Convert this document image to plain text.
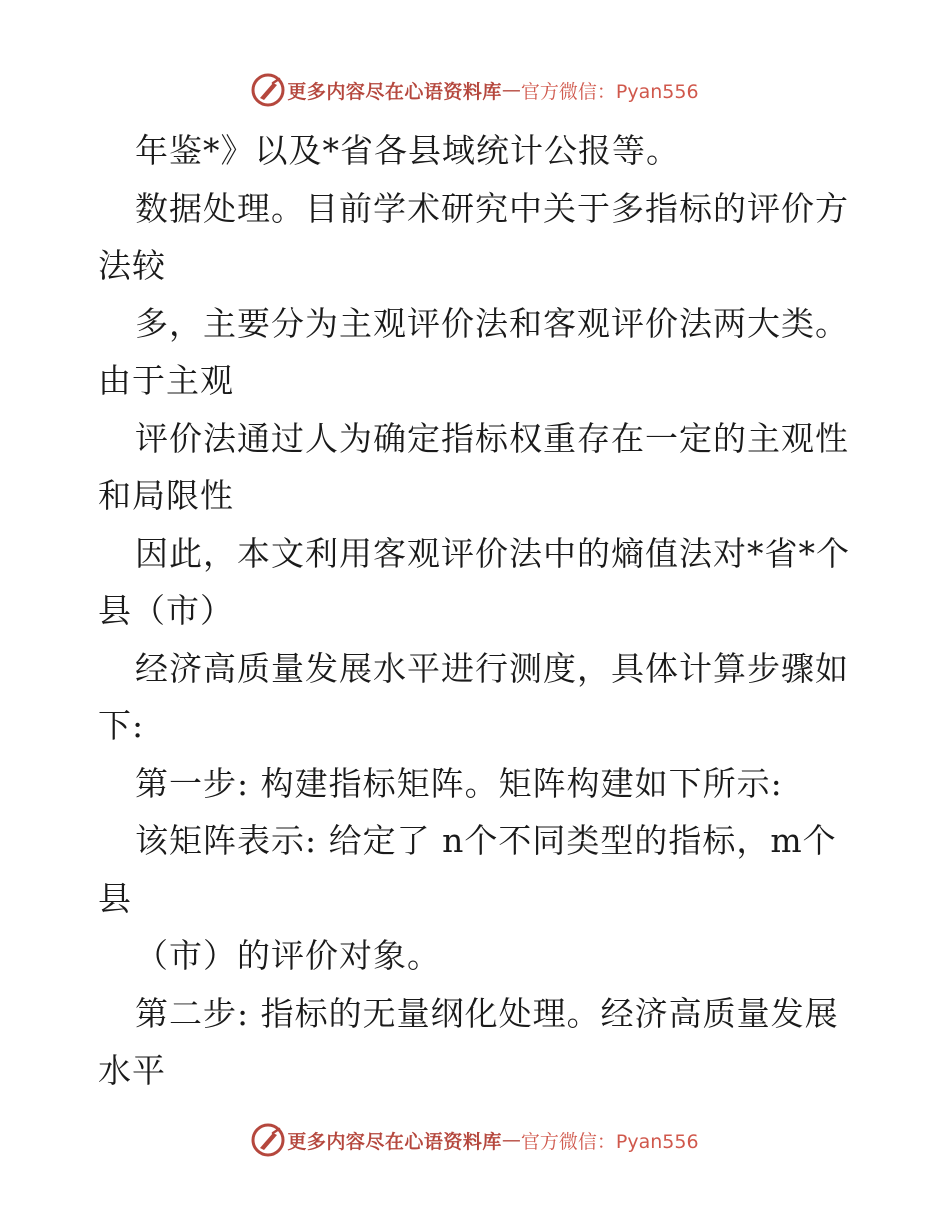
更多内容尽在心语资料库 — 官方微信：Pyan556
年鉴*》以及*省各县域统计公报等。
数据处理。目前学术研究中关于多指标的评价方
法较
多，主要分为主观评价法和客观评价法两大类。
由于主观
评价法通过人为确定指标权重存在一定的主观性
和局限性
因此，本文利用客观评价法中的熵值法对*省*个
县（市）
经济高质量发展水平进行测度，具体计算步骤如
下:
第一步: 构建指标矩阵。矩阵构建如下所示:
该矩阵表示: 给定了 n个不同类型的指标，m个
县
（市）的评价对象。
第二步: 指标的无量纲化处理。经济高质量发展
水平
更多内容尽在心语资料库 — 官方微信：Pyan556
